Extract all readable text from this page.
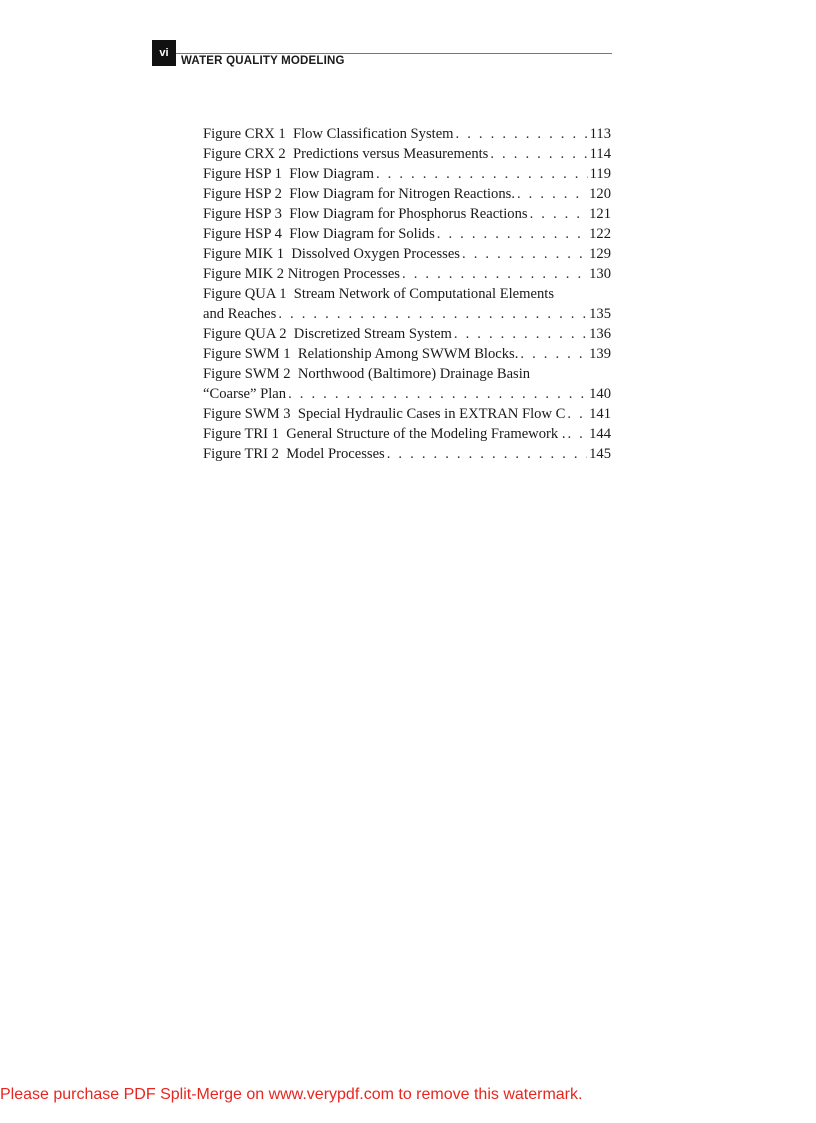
vi
WATER QUALITY MODELING
Figure CRX 1  Flow Classification System . . .	113
Figure CRX 2  Predictions versus Measurements . . .	114
Figure HSP 1  Flow Diagram . . .	119
Figure HSP 2  Flow Diagram for Nitrogen Reactions. . . .	120
Figure HSP 3  Flow Diagram for Phosphorus Reactions . . .	121
Figure HSP 4  Flow Diagram for Solids . . .	122
Figure MIK 1  Dissolved Oxygen Processes . . .	129
Figure MIK 2 Nitrogen Processes . . .	130
Figure QUA 1  Stream Network of Computational Elements
and Reaches . . .	135
Figure QUA 2  Discretized Stream System . . .	136
Figure SWM 1  Relationship Among SWWM Blocks. . . .	139
Figure SWM 2  Northwood (Baltimore) Drainage Basin
“Coarse” Plan . . .	140
Figure SWM 3  Special Hydraulic Cases in EXTRAN Flow C . . . 141
Figure TRI 1  General Structure of the Modeling Framework . . . . 144
Figure TRI 2  Model Processes . . .	145
Please purchase PDF Split-Merge on www.verypdf.com to remove this watermark.
